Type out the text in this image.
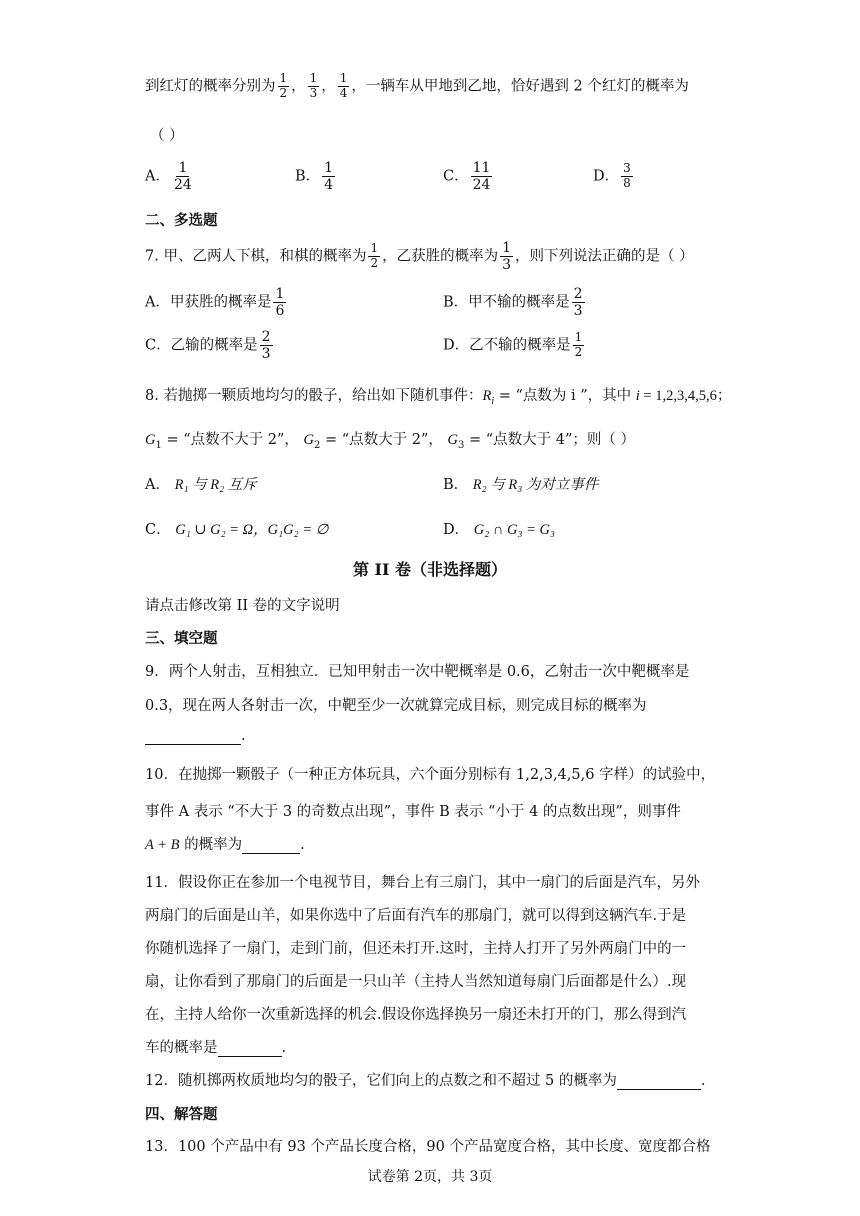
到红灯的概率分别为 $\frac{1}{2}$ ， $\frac{1}{3}$ ， $\frac{1}{4}$ ，一辆车从甲地到乙地，恰好遇到 2 个红灯的概率为
（ ）
A． $\frac{1}{24}$	B． $\frac{1}{4}$	C． $\frac{11}{24}$	D． $\frac{3}{8}$
二、多选题
7. 甲、乙两人下棋，和棋的概率为 $\frac{1}{2}$ ，乙获胜的概率为 $\frac{1}{3}$ ，则下列说法正确的是（ ）
A．甲获胜的概率是 $\frac{1}{6}$	B．甲不输的概率是 $\frac{2}{3}$
C．乙输的概率是 $\frac{2}{3}$	D．乙不输的概率是 $\frac{1}{2}$
8. 若抛掷一颗质地均匀的骰子，给出如下随机事件：$R_i$ = “点数为 i ”，其中 i = 1,2,3,4,5,6；
$G_1$ = “点数不大于 2”， $G_2$ = “点数大于 2”， $G_3$ = “点数大于 4”；则（ ）
A． R₁ 与 R₂ 互斥	B． R₂ 与 R₃ 为对立事件
C． G₁ ∪ G₂ = Ω，G₁G₂ = ∅	D． G₂ ∩ G₃ = G₃
第 II 卷（非选择题）
请点击修改第 II 卷的文字说明
三、填空题
9．两个人射击，互相独立．已知甲射击一次中靶概率是 0.6，乙射击一次中靶概率是
0.3，现在两人各射击一次，中靶至少一次就算完成目标，则完成目标的概率为
.
10．在抛掷一颗骰子（一种正方体玩具，六个面分别标有 1,2,3,4,5,6 字样）的试验中，
事件 A 表示 “不大于 3 的奇数点出现”，事件 B 表示 “小于 4 的点数出现”，则事件
A + B 的概率为	.
11．假设你正在参加一个电视节目，舞台上有三扇门，其中一扇门的后面是汽车，另外
两扇门的后面是山羊，如果你选中了后面有汽车的那扇门，就可以得到这辆汽车.于是
你随机选择了一扇门，走到门前，但还未打开.这时，主持人打开了另外两扇门中的一
扇，让你看到了那扇门的后面是一只山羊（主持人当然知道每扇门后面都是什么）.现
在，主持人给你一次重新选择的机会.假设你选择换另一扇还未打开的门，那么得到汽
车的概率是	.
12．随机掷两枚质地均匀的骰子，它们向上的点数之和不超过 5 的概率为	.
四、解答题
13．100 个产品中有 93 个产品长度合格，90 个产品宽度合格，其中长度、宽度都合格
试卷第 2页，共 3页
